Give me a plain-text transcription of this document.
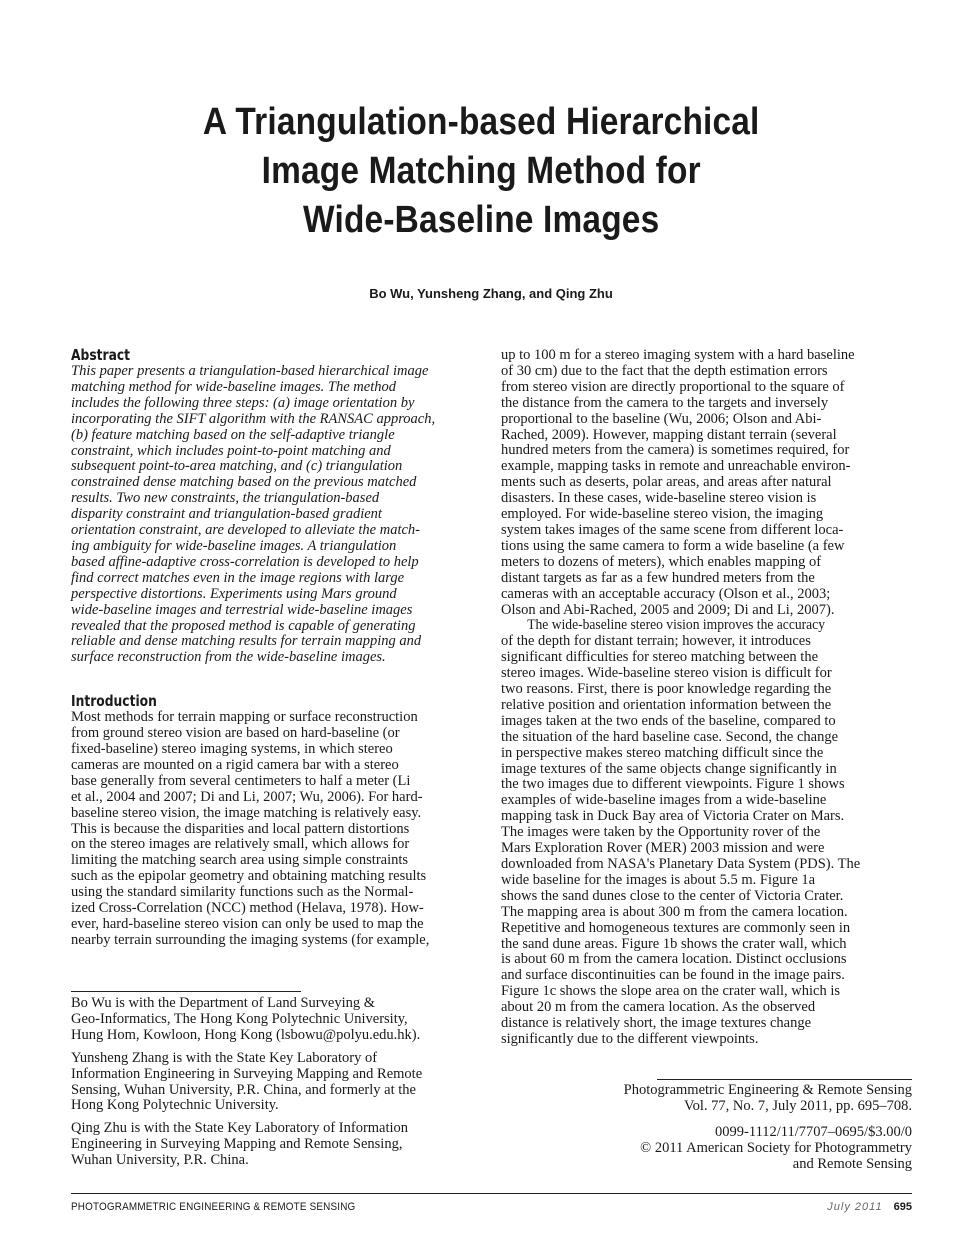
A Triangulation-based Hierarchical
Image Matching Method for
Wide-Baseline Images
Bo Wu, Yunsheng Zhang, and Qing Zhu
Abstract
This paper presents a triangulation-based hierarchical image
matching method for wide-baseline images. The method
includes the following three steps: (a) image orientation by
incorporating the SIFT algorithm with the RANSAC approach,
(b) feature matching based on the self-adaptive triangle
constraint, which includes point-to-point matching and
subsequent point-to-area matching, and (c) triangulation
constrained dense matching based on the previous matched
results. Two new constraints, the triangulation-based
disparity constraint and triangulation-based gradient
orientation constraint, are developed to alleviate the match-
ing ambiguity for wide-baseline images. A triangulation
based affine-adaptive cross-correlation is developed to help
find correct matches even in the image regions with large
perspective distortions. Experiments using Mars ground
wide-baseline images and terrestrial wide-baseline images
revealed that the proposed method is capable of generating
reliable and dense matching results for terrain mapping and
surface reconstruction from the wide-baseline images.
Introduction
Most methods for terrain mapping or surface reconstruction
from ground stereo vision are based on hard-baseline (or
fixed-baseline) stereo imaging systems, in which stereo
cameras are mounted on a rigid camera bar with a stereo
base generally from several centimeters to half a meter (Li
et al., 2004 and 2007; Di and Li, 2007; Wu, 2006). For hard-
baseline stereo vision, the image matching is relatively easy.
This is because the disparities and local pattern distortions
on the stereo images are relatively small, which allows for
limiting the matching search area using simple constraints
such as the epipolar geometry and obtaining matching results
using the standard similarity functions such as the Normal-
ized Cross-Correlation (NCC) method (Helava, 1978). How-
ever, hard-baseline stereo vision can only be used to map the
nearby terrain surrounding the imaging systems (for example,
up to 100 m for a stereo imaging system with a hard baseline
of 30 cm) due to the fact that the depth estimation errors
from stereo vision are directly proportional to the square of
the distance from the camera to the targets and inversely
proportional to the baseline (Wu, 2006; Olson and Abi-
Rached, 2009). However, mapping distant terrain (several
hundred meters from the camera) is sometimes required, for
example, mapping tasks in remote and unreachable environ-
ments such as deserts, polar areas, and areas after natural
disasters. In these cases, wide-baseline stereo vision is
employed. For wide-baseline stereo vision, the imaging
system takes images of the same scene from different loca-
tions using the same camera to form a wide baseline (a few
meters to dozens of meters), which enables mapping of
distant targets as far as a few hundred meters from the
cameras with an acceptable accuracy (Olson et al., 2003;
Olson and Abi-Rached, 2005 and 2009; Di and Li, 2007).
The wide-baseline stereo vision improves the accuracy
of the depth for distant terrain; however, it introduces
significant difficulties for stereo matching between the
stereo images. Wide-baseline stereo vision is difficult for
two reasons. First, there is poor knowledge regarding the
relative position and orientation information between the
images taken at the two ends of the baseline, compared to
the situation of the hard baseline case. Second, the change
in perspective makes stereo matching difficult since the
image textures of the same objects change significantly in
the two images due to different viewpoints. Figure 1 shows
examples of wide-baseline images from a wide-baseline
mapping task in Duck Bay area of Victoria Crater on Mars.
The images were taken by the Opportunity rover of the
Mars Exploration Rover (MER) 2003 mission and were
downloaded from NASA's Planetary Data System (PDS). The
wide baseline for the images is about 5.5 m. Figure 1a
shows the sand dunes close to the center of Victoria Crater.
The mapping area is about 300 m from the camera location.
Repetitive and homogeneous textures are commonly seen in
the sand dune areas. Figure 1b shows the crater wall, which
is about 60 m from the camera location. Distinct occlusions
and surface discontinuities can be found in the image pairs.
Figure 1c shows the slope area on the crater wall, which is
about 20 m from the camera location. As the observed
distance is relatively short, the image textures change
significantly due to the different viewpoints.
Bo Wu is with the Department of Land Surveying &
Geo-Informatics, The Hong Kong Polytechnic University,
Hung Hom, Kowloon, Hong Kong (lsbowu@polyu.edu.hk).
Yunsheng Zhang is with the State Key Laboratory of
Information Engineering in Surveying Mapping and Remote
Sensing, Wuhan University, P.R. China, and formerly at the
Hong Kong Polytechnic University.
Qing Zhu is with the State Key Laboratory of Information
Engineering in Surveying Mapping and Remote Sensing,
Wuhan University, P.R. China.
Photogrammetric Engineering & Remote Sensing
Vol. 77, No. 7, July 2011, pp. 695–708.
0099-1112/11/7707–0695/$3.00/0
© 2011 American Society for Photogrammetry
and Remote Sensing
PHOTOGRAMMETRIC ENGINEERING & REMOTE SENSING	July 2011 695
